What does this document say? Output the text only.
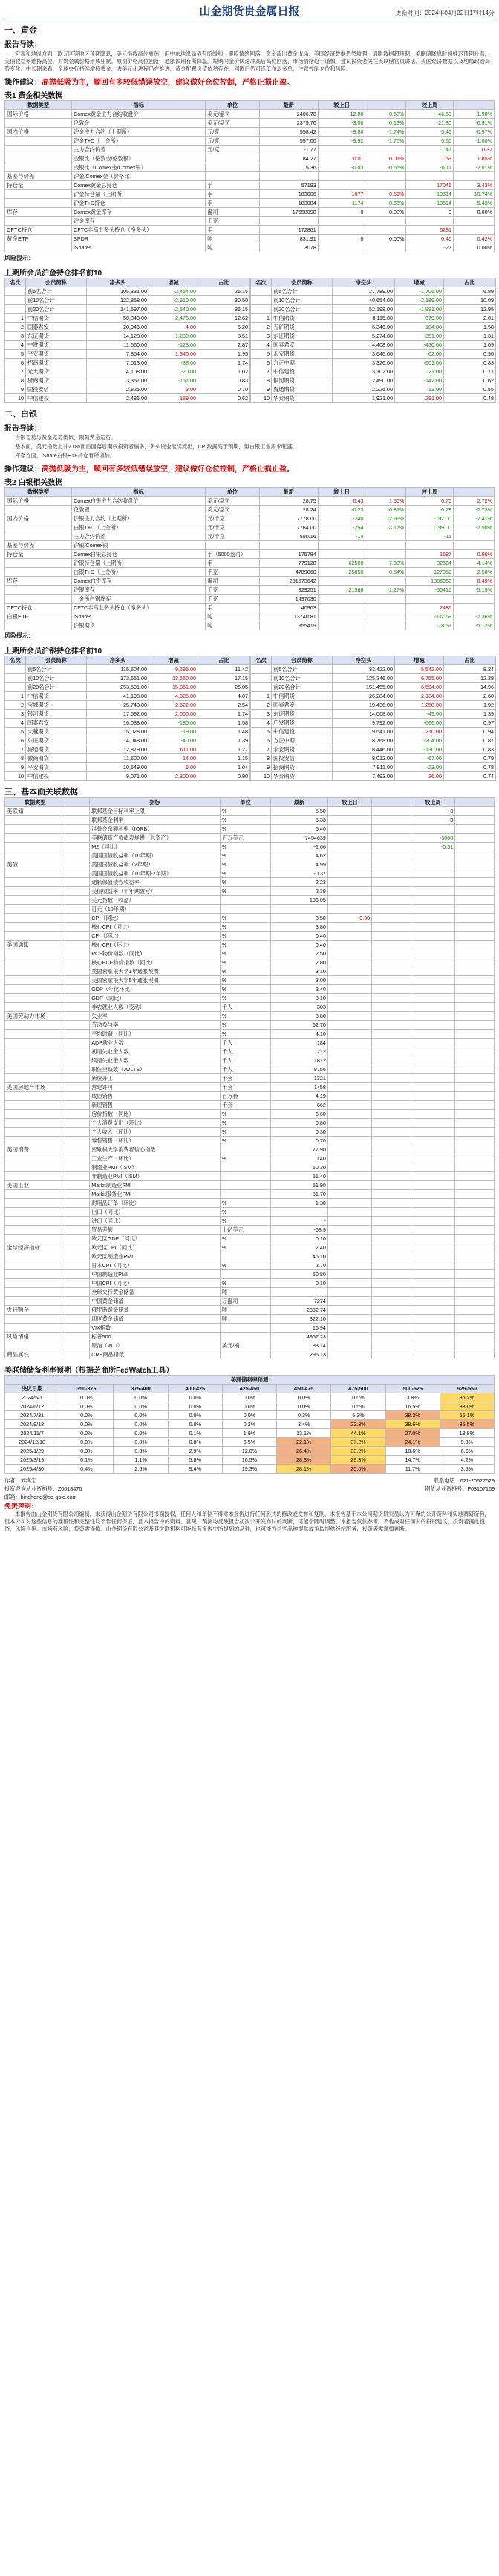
山金期货贵金属日报	更新时间：2024年04月22日17时14分
一、黄金
报告导读：
宏观和地缘方面，欧元区等地区预期降息，美元指数高位震荡，但中东地缘局势有所缓和，避险情绪回落，资金流出黄金市场；美国经济数据仍然较强，通胀数据超预期，美联储降息时间推迟预期升温，美债收益率维持高位，对贵金属价格形成压制。原油价格高位回落，通胀预期有所降温。短期内金价快速冲高后高位回落，市场情绪趋于谨慎，建议投资者关注美联储官员讲话、美国经济数据以及地缘政治局势变化。中长期来看，全球央行持续增持黄金，去美元化进程仍在推进，黄金配置价值依然存在，回调后仍可逢低布局多单，注意控制仓位和风险。
操作建议：高抛低吸为主，顺回有多较低错误放空，建议做好仓位控制，严格止损止盈。
表1 黄金相关数据
数据类型	指标	单位	最新	较上日		较上周	
国际价格	Comex黄金主力合约收盘价	美元/盎司	2406.70	-12.80	-0.53%	-46.50	-1.90%
	伦敦金	美元/盎司	2379.70	-3.00	-0.13%	-21.80	-0.91%
国内价格	沪金主力合约（上期所）	元/克	558.42	-9.88	-1.74%	-5.46	-0.97%
	沪金T+D（上金所）	元/克	557.00	-9.92	-1.75%	-5.60	-1.00%
	主力合约价差	元/克	-1.77			-1.41	0.37
	金银比（伦敦金/伦敦银）		84.27	0.01	0.01%	1.53	1.85%
	金银比（Comex金/Comex银）		5.36	-0.03	-0.55%	-0.11	-2.01%
基差与价差	沪金/Comex金（价格比）						
持仓量	Comex黄金总持仓	手	57193			17046	3.43%
	沪金持仓量（上期所）	手	183006	1077	0.59%	-19614	-10.74%
	沪金T+D持仓	手	183084	-1174	-0.65%	-10514	-5.43%
库存	Comex黄金库存	盎司	17558098	0	0.00%	0	0.00%
	沪金库存	千克					
CFTC持仓	CFTC非商业多头持仓（净多头）	手	172861			6281	
黄金ETF	SPDR	吨	831.91	0	0.00%	0.46	0.42%
	iShares	吨	3078			-27	0.00%
风险提示：
上期所会员沪金持仓排名前10
名次	会员简称	净多头	增减	占比
	前5名合计	105,331.00	-2,454.00	26.15
	前10名合计	122,858.00	-2,510.00	30.50
	前20名合计	141,597.00	-2,540.00	35.15
1	中信期货	50,843.00	-2,475.00	12.62
2	国泰君安	20,946.00	4.00	5.20
3	东证期货	14,128.00	-1,200.00	3.51
4	中财期货	11,560.00	-123.00	2.87
5	平安期货	7,854.00	1,340.00	1.95
6	招商期货	7,013.00	-38.00	1.74
7	光大期货	4,108.00	-20.00	1.02
8	浙商期货	3,357.00	-157.00	0.83
9	国投安信	2,825.00	3.00	0.70
10	中信建投	2,485.00	189.00	0.62
名次	会员简称	净空头	增减	占比
	前5名合计	27,789.00	-1,706.00	6.89
	前10名合计	40,654.00	-2,189.00	10.09
	前20名合计	52,198.00	-1,981.00	12.95
1	中信期货	8,115.00	-679.00	2.01
2	五矿期货	6,346.00	-184.00	1.58
3	东证期货	5,274.00	-351.00	1.31
4	国泰君安	4,408.00	-430.00	1.09
5	永安期货	3,646.00	-62.00	0.90
6	方正中期	3,326.00	-601.00	0.83
7	中信建投	3,102.00	-21.00	0.77
8	银河期货	2,490.00	-142.00	0.62
9	海通期货	2,226.00	-13.00	0.55
10	华泰期货	1,921.00	291.00	0.48
二、白银
报告导读：
白银走势与黄金走势类似，跟随黄金运行。
基本面，美元指数上升2.0%而后回落后期权投资者偏多，多头资金继续流出，CPI数据高于预期，但白银工业需求旺盛。
库存方面，iShare白银ETF持仓有所增加。
操作建议：高抛低吸为主，顺回有多较低错误放空，建议做好仓位控制，严格止损止盈。
表2 白银相关数据
数据类型	指标	单位	最新	较上日		较上周	
国际价格	Comex白银主力合约收盘价	美元/盎司	28.75	0.43	1.50%	0.76	2.72%
	伦敦银	美元/盎司	28.24	-0.23	-0.81%	-0.79	-2.73%
国内价格	沪银主力合约（上期所）	元/千克	7778.00	-240	-2.99%	-192.00	-2.41%
	白银T+D（上金所）	元/千克	7764.00	-254	-3.17%	-199.00	-2.50%
	主力合约价差	元/千克	590.16	-14		-11	
基差与价差	沪银/Comex银						
持仓量	Comex白银总持仓	手（5000盎司）	175784			1587	0.90%
	沪银持仓量（上期所）	手	779128	-62500	-7.33%	-32664	-4.14%
	白银T+D（上金所）	千克	4789060	-25850	-0.54%	-127050	-2.58%
库存	Comex白银库存	盎司	281573642			-1386950	0.49%
	沪银库存	千克	929251	-21568	-2.27%	-50416	-5.15%
	上金所白银库存	千克	1497030				
CFTC持仓	CFTC非商业多头持仓（净多头）	手	40963			2486	
白银ETF	iShares	吨	13740.81			-332.69	-2.36%
	沪银期货	吨	955419			-78.51	-5.12%
风险提示：
上期所会员沪银持仓排名前10
名次	会员简称	净多头	增减	占比
	前5名合计	115,604.00	9,695.00	11.42
	前10名合计	173,651.00	13,560.00	17.15
	前20名合计	253,591.00	15,851.00	25.05
1	中信期货	41,198.00	4,325.00	4.07
2	宝城期货	25,748.00	2,522.00	2.54
3	银河期货	17,592.00	2,000.00	1.74
4	国泰君安	16,038.00	-180.00	1.58
5	大越期货	15,028.00	-19.00	1.48
6	东证期货	14,048.00	-40.00	1.39
7	海通期货	12,879.00	611.00	1.27
8	徽商期货	11,600.00	14.00	1.15
9	平安期货	10,549.00	6.00	1.04
10	中信建投	9,071.00	2,300.00	0.90
名次	会员简称	净空头	增减	占比
	前5名合计	83,422.00	5,542.00	8.24
	前10名合计	125,346.00	6,755.00	12.38
	前20名合计	151,455.00	6,594.00	14.96
1	中信期货	26,284.00	2,134.00	2.60
2	国泰君安	19,436.00	1,258.00	1.92
3	东证期货	14,068.00	-49.00	1.39
4	广发期货	9,792.00	-666.00	0.97
5	中信建投	9,541.00	210.00	0.94
6	方正中期	8,768.00	-204.00	0.87
7	永安期货	8,446.00	-130.00	0.83
8	国投安信	8,012.00	-67.00	0.79
9	招商期货	7,911.00	-23.00	0.78
10	华泰期货	7,493.00	36.00	0.74
三、基本面关联数据
数据类型		指标	单位	最新	较上日		较上周	
美联储		联邦基金目标利率上限	%	5.50			0	
		联邦基金利率	%	5.33			0	
		准备金余额利率（IORB）	%	5.40				
		美联储资产负债表规模（总资产）	百万美元	7454639			-3000	
		M2（同比）	%	-1.66			-0.31	
		美国国债收益率（10年期）	%	4.62				
美债		美国国债收益率（2年期）	%	4.99				
		美国国债收益率（10年期-2年期）	%	-0.37				
		通胀保值债券收益率	%	2.23				
		美债收益率（十年期盈亏）	%	2.39				
		美元指数（收盘）		106.05				
		日元（10年期）						
		CPI（同比）	%	3.50	0.30			
		核心CPI（同比）	%	3.80				
		CPI（环比）	%	0.40				
美国通胀		核心CPI（环比）	%	0.40				
		PCE物价指数（同比）	%	2.50				
		核心PCE物价指数（同比）	%	2.80				
		美国密歇根大学1年通胀预期	%	3.10				
		美国密歇根大学5年通胀预期	%	3.00				
		GDP（年化环比）	%	3.40				
		GDP（同比）	%	3.10				
		非农就业人数（变动）	千人	303				
美国劳动力市场		失业率	%	3.80				
		劳动参与率	%	62.70				
		平均时薪（同比）	%	4.10				
		ADP就业人数	千人	184				
		初请失业金人数	千人	212				
		续请失业金人数	千人	1812				
		职位空缺数（JOLTS）	千人	8756				
		新屋开工	千套	1321				
美国房地产市场		营建许可	千套	1458				
		成屋销售	百万套	4.19				
		新屋销售	千套	662				
		房价指数（同比）	%	6.60				
		个人消费支出（环比）	%	0.80				
		个人收入（环比）	%	0.30				
		零售销售（环比）	%	0.70				
美国消费		密歇根大学消费者信心指数		77.90				
		工业生产（环比）	%	0.40				
		制造业PMI（ISM）		50.30				
		非制造业PMI（ISM）		51.40				
美国工业		Markit制造业PMI		51.90				
		Markit服务业PMI		51.70				
		耐用品订单（环比）	%	1.30				
		出口（同比）	%	-				
		进口（同比）	%	-				
		贸易差额	十亿美元	-68.9				
		欧元区GDP（同比）	%	0.10				
全球经济指标		欧元区CPI（同比）	%	2.40				
		欧元区制造业PMI		46.10				
		日本CPI（同比）	%	2.70				
		中国制造业PMI		50.80				
		中国CPI（同比）	%	0.10				
		全球央行黄金储备	吨					
		中国黄金储备	万盎司	7274				
央行购金		俄罗斯黄金储备	吨	2332.74				
		印度黄金储备	吨	822.10				
		VIX指数		16.94				
风险情绪		标普500		4967.23				
		原油（WTI）	美元/桶	83.14				
商品属性		CRB商品指数		296.13				
美联储储备利率预期（根据芝商所FedWatch工具）
美联储利率预测								
决议日期	350-375	375-400	400-425	425-450	450-475	475-500	500-525	525-550
2024/5/1	0.0%	0.0%	0.0%	0.0%	0.0%	0.0%	3.8%	96.2%
2024/6/12	0.0%	0.0%	0.0%	0.0%	0.0%	0.5%	16.5%	83.0%
2024/7/31	0.0%	0.0%	0.0%	0.0%	0.3%	5.3%	38.3%	56.1%
2024/9/18	0.0%	0.0%	0.0%	0.2%	3.4%	22.3%	38.6%	35.5%
2024/11/7	0.0%	0.0%	0.1%	1.9%	13.1%	44.1%	27.0%	13.8%
2024/12/18	0.0%	0.0%	0.8%	6.5%	22.1%	37.2%	24.1%	9.3%
2025/1/29	0.0%	0.3%	2.9%	12.0%	26.4%	33.2%	18.6%	6.6%
2025/3/19	0.1%	1.1%	5.8%	16.5%	28.3%	29.3%	14.7%	4.2%
2025/4/30	0.4%	2.6%	9.4%	19.3%	28.1%	25.0%	11.7%	3.5%
作者：刘宾宏	联系电话：021-20627629
投资咨询从业资格号：Z0018476	期货从业资格号：F03107169
邮箱：binghong@sd-gold.com
免责声明：
本报告由山金期货有限公司编制，未获得山金期货有限公司书面授权，任何人和单位不得对本报告进行任何形式的修改或发布和复制。本报告基于本公司期货研究员认为可靠的公开资料和实地调研资料，但本公司对这些信息的准确性和完整性均不作任何保证，且本报告中的资料、意见、预测均反映报告初次公开发布时的判断，可能会随时调整。本报告仅供参考，不构成对任何人的投资建议，投资者据此投资，风险自担。市场有风险，投资需谨慎。山金期货有限公司及其关联机构可能持有报告中所提到的品种，也可能为这些品种提供或争取提供经纪服务，投资者需谨慎判断。
